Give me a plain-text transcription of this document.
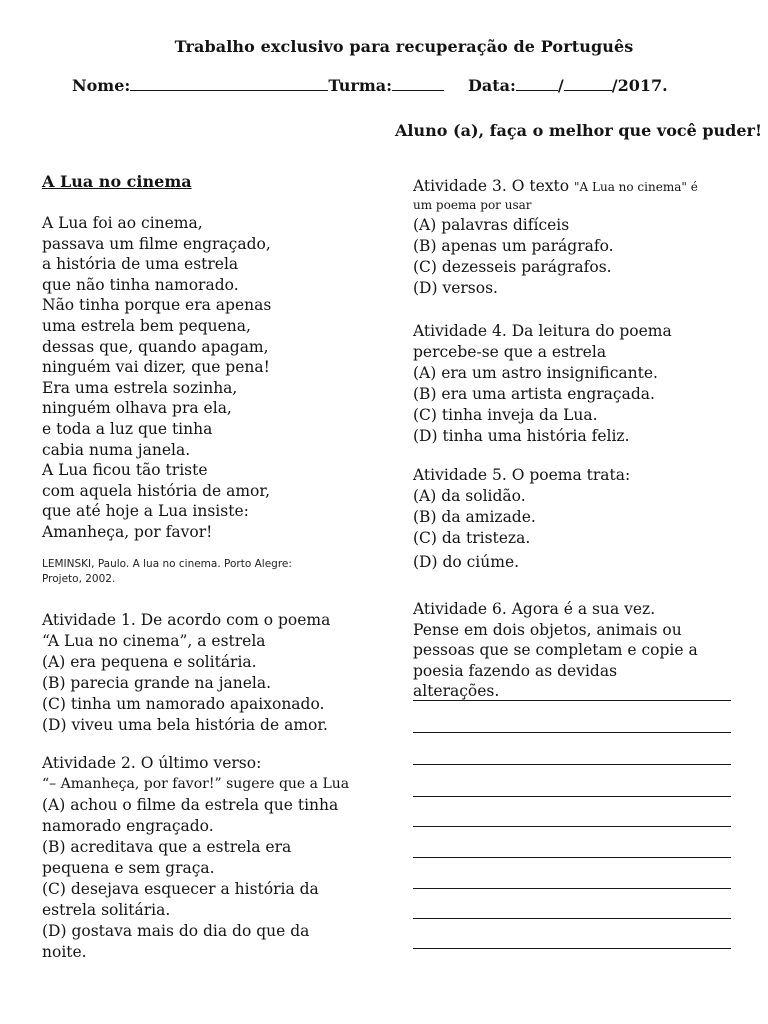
Trabalho exclusivo para recuperação de Português
Nome:	Turma:	Data:	/	/2017.
Aluno (a), faça o melhor que você puder!
A Lua no cinema
A Lua foi ao cinema,
passava um filme engraçado,
a história de uma estrela
que não tinha namorado.
Não tinha porque era apenas
uma estrela bem pequena,
dessas que, quando apagam,
ninguém vai dizer, que pena!
Era uma estrela sozinha,
ninguém olhava pra ela,
e toda a luz que tinha
cabia numa janela.
A Lua ficou tão triste
com aquela história de amor,
que até hoje a Lua insiste:
Amanheça, por favor!
LEMINSKI, Paulo. A lua no cinema. Porto Alegre:
Projeto, 2002.
Atividade 1. De acordo com o poema
“A Lua no cinema”, a estrela
(A) era pequena e solitária.
(B) parecia grande na janela.
(C) tinha um namorado apaixonado.
(D) viveu uma bela história de amor.
Atividade 2. O último verso:
“– Amanheça, por favor!” sugere que a Lua
(A) achou o filme da estrela que tinha
namorado engraçado.
(B) acreditava que a estrela era
pequena e sem graça.
(C) desejava esquecer a história da
estrela solitária.
(D) gostava mais do dia do que da
noite.
Atividade 3. O texto "A Lua no cinema" é
um poema por usar
(A) palavras difíceis
(B) apenas um parágrafo.
(C) dezesseis parágrafos.
(D) versos.
Atividade 4. Da leitura do poema
percebe-se que a estrela
(A) era um astro insignificante.
(B) era uma artista engraçada.
(C) tinha inveja da Lua.
(D) tinha uma história feliz.
Atividade 5. O poema trata:
(A) da solidão.
(B) da amizade.
(C) da tristeza.
(D) do ciúme.
Atividade 6. Agora é a sua vez.
Pense em dois objetos, animais ou
pessoas que se completam e copie a
poesia fazendo as devidas
alterações.
